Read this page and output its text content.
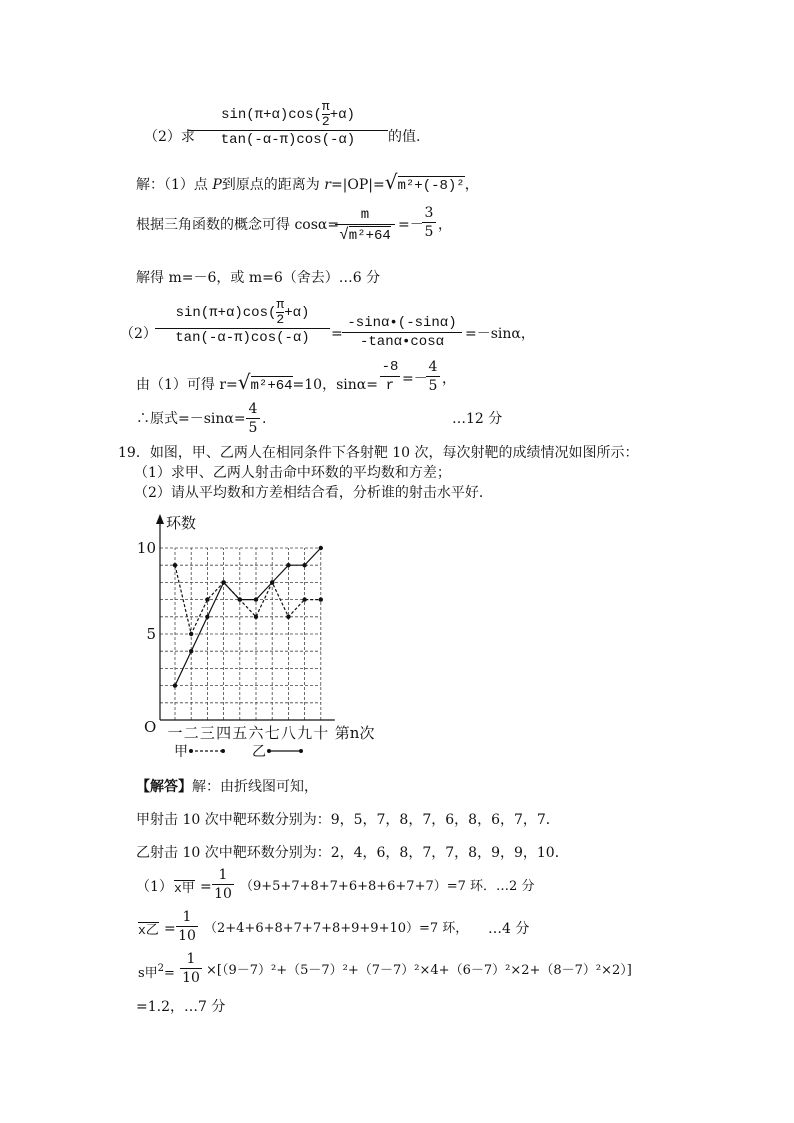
（2）求
$\sin(\pi+\alpha)\cos( \frac{\pi}{2} +\alpha)$
tan(-α-π)cos(-α)	的值.
解：（1）点 P到原点的距离为 r=|OP|=√m²+(-8)²，
根据三角函数的概念可得 cosα=
m
√m²+64
=－
3
5 ，
解得 m=－6，或 m=6（舍去）…6 分
（2）
$\sin(\pi+\alpha)\cos( \frac{\pi}{2} +\alpha)$
tan(-α-π)cos(-α)	=
-sinα•(-sinα)
-tanα•cosα	=－sinα，
由（1）可得 r=√m²+64=10，sinα=
-8
r =－
4
5 ，
∴原式=－sinα=
4
5
.	…12 分
19．如图，甲、乙两人在相同条件下各射靶 10 次，每次射靶的成绩情况如图所示：
（1）求甲、乙两人射击命中环数的平均数和方差；
（2）请从平均数和方差相结合看，分析谁的射击水平好．
环数
10
5
O 一 二 三 四 五 六 七 八 九 十 第n次
甲	乙
【解答】解：由折线图可知，
甲射击 10 次中靶环数分别为：9，5，7，8，7，6，8，6，7，7．
乙射击 10 次中靶环数分别为：2，4，6，8，7，7，8，9，9，10．
（1） x甲 =
1
10 （9+5+7+8+7+6+8+6+7+7）=7 环．…2 分
x乙 =
1
10 （2+4+6+8+7+7+8+9+9+10）=7 环， …4 分
s甲$^2$=
1
10 ×[（9－7）²+（5－7）²+（7－7）²×4+（6－7）²×2+（8－7）²×2）]
=1.2，…7 分
